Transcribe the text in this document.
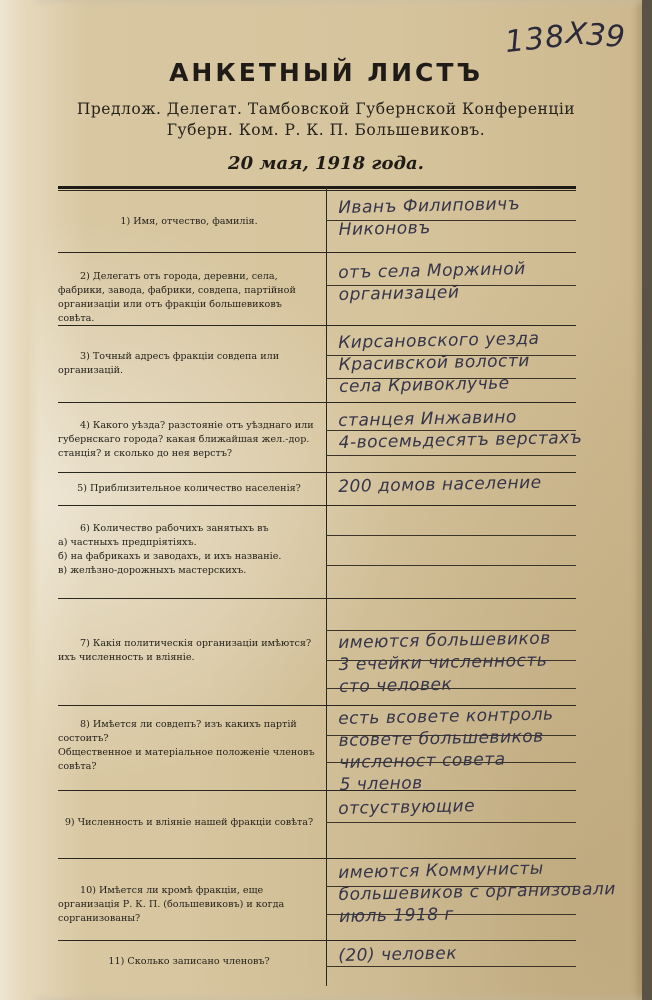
138
X39
АНКЕТНЫЙ ЛИСТЪ
Предлож. Делегат. Тамбовской Губернской Конференціи
Губерн. Ком. Р. К. П. Большевиковъ.
20 мая, 1918 года.
1) Имя, отчество, фамилія.
2) Делегатъ отъ города, деревни, села, фабрики, завода, фабрики, совдепа, партійной организаціи или отъ фракціи большевиковъ совѣта.
3) Точный адресъ фракціи совдепа или организацій.
4) Какого уѣзда? разстояніе отъ уѣзднаго или губернскаго города? какая ближайшая жел.-дор. станція? и сколько до нея верстъ?
5) Приблизительное количество населенія?
6) Количество рабочихъ занятыхъ въ
а) частныхъ предпріятіяхъ.
б) на фабрикахъ и заводахъ, и ихъ названіе.
в) желѣзно-дорожныхъ мастерскихъ.
7) Какія политическія организаціи имѣются? ихъ численность и вліяніе.
8) Имѣется ли совдепъ? изъ какихъ партій состоитъ?
Общественное и матеріальное положеніе членовъ совѣта?
9) Численность и вліяніе нашей фракціи совѣта?
10) Имѣется ли кромѣ фракціи, еще организація Р. К. П. (большевиковъ) и когда сорганизованы?
11) Сколько записано членовъ?
Иванъ Филиповичъ
Никоновъ
отъ села Моржиной
организацей
Кирсановского уезда
Красивской волости
села Кривоклучье
станцея Инжавино
4-восемьдесятъ верстахъ
200 домов население
имеются большевиков
3 ечейки численность
сто человек
есть всовете контроль
всовете большевиков
численост совета
5 членов
отсуствующие
имеются Коммунисты
большевиков с организовали
июль 1918 г
(20) человек
